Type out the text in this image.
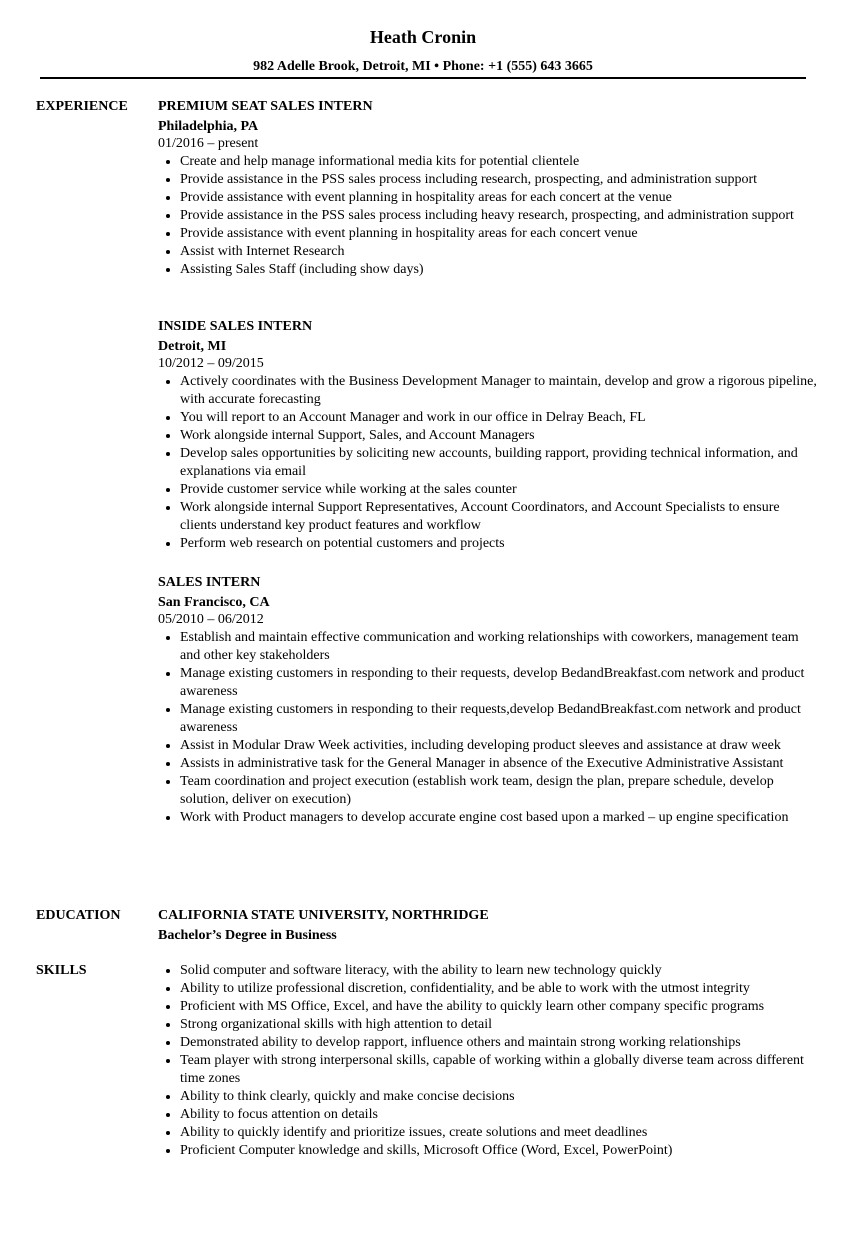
Heath Cronin
982 Adelle Brook, Detroit, MI • Phone: +1 (555) 643 3665
EXPERIENCE PREMIUM SEAT SALES INTERN
Philadelphia, PA
01/2016 – present
• Create and help manage informational media kits for potential clientele
• Provide assistance in the PSS sales process including research, prospecting, and administration support
• Provide assistance with event planning in hospitality areas for each concert at the venue
• Provide assistance in the PSS sales process including heavy research, prospecting, and administration support
• Provide assistance with event planning in hospitality areas for each concert venue
• Assist with Internet Research
• Assisting Sales Staff (including show days)
INSIDE SALES INTERN
Detroit, MI
10/2012 – 09/2015
• Actively coordinates with the Business Development Manager to maintain, develop and grow a rigorous pipeline, with accurate forecasting
• You will report to an Account Manager and work in our office in Delray Beach, FL
• Work alongside internal Support, Sales, and Account Managers
• Develop sales opportunities by soliciting new accounts, building rapport, providing technical information, and explanations via email
• Provide customer service while working at the sales counter
• Work alongside internal Support Representatives, Account Coordinators, and Account Specialists to ensure clients understand key product features and workflow
• Perform web research on potential customers and projects
SALES INTERN
San Francisco, CA
05/2010 – 06/2012
• Establish and maintain effective communication and working relationships with coworkers, management team and other key stakeholders
• Manage existing customers in responding to their requests, develop BedandBreakfast.com network and product awareness
• Manage existing customers in responding to their requests,develop BedandBreakfast.com network and product awareness
• Assist in Modular Draw Week activities, including developing product sleeves and assistance at draw week
• Assists in administrative task for the General Manager in absence of the Executive Administrative Assistant
• Team coordination and project execution (establish work team, design the plan, prepare schedule, develop solution, deliver on execution)
• Work with Product managers to develop accurate engine cost based upon a marked – up engine specification
EDUCATION	CALIFORNIA STATE UNIVERSITY, NORTHRIDGE
Bachelor’s Degree in Business
SKILLS
•	Solid computer and software literacy, with the ability to learn new technology quickly
• Ability to utilize professional discretion, confidentiality, and be able to work with the utmost integrity
• Proficient with MS Office, Excel, and have the ability to quickly learn other company specific programs
• Strong organizational skills with high attention to detail
• Demonstrated ability to develop rapport, influence others and maintain strong working relationships
• Team player with strong interpersonal skills, capable of working within a globally diverse team across different time zones
• Ability to think clearly, quickly and make concise decisions
• Ability to focus attention on details
• Ability to quickly identify and prioritize issues, create solutions and meet deadlines
• Proficient Computer knowledge and skills, Microsoft Office (Word, Excel, PowerPoint)
